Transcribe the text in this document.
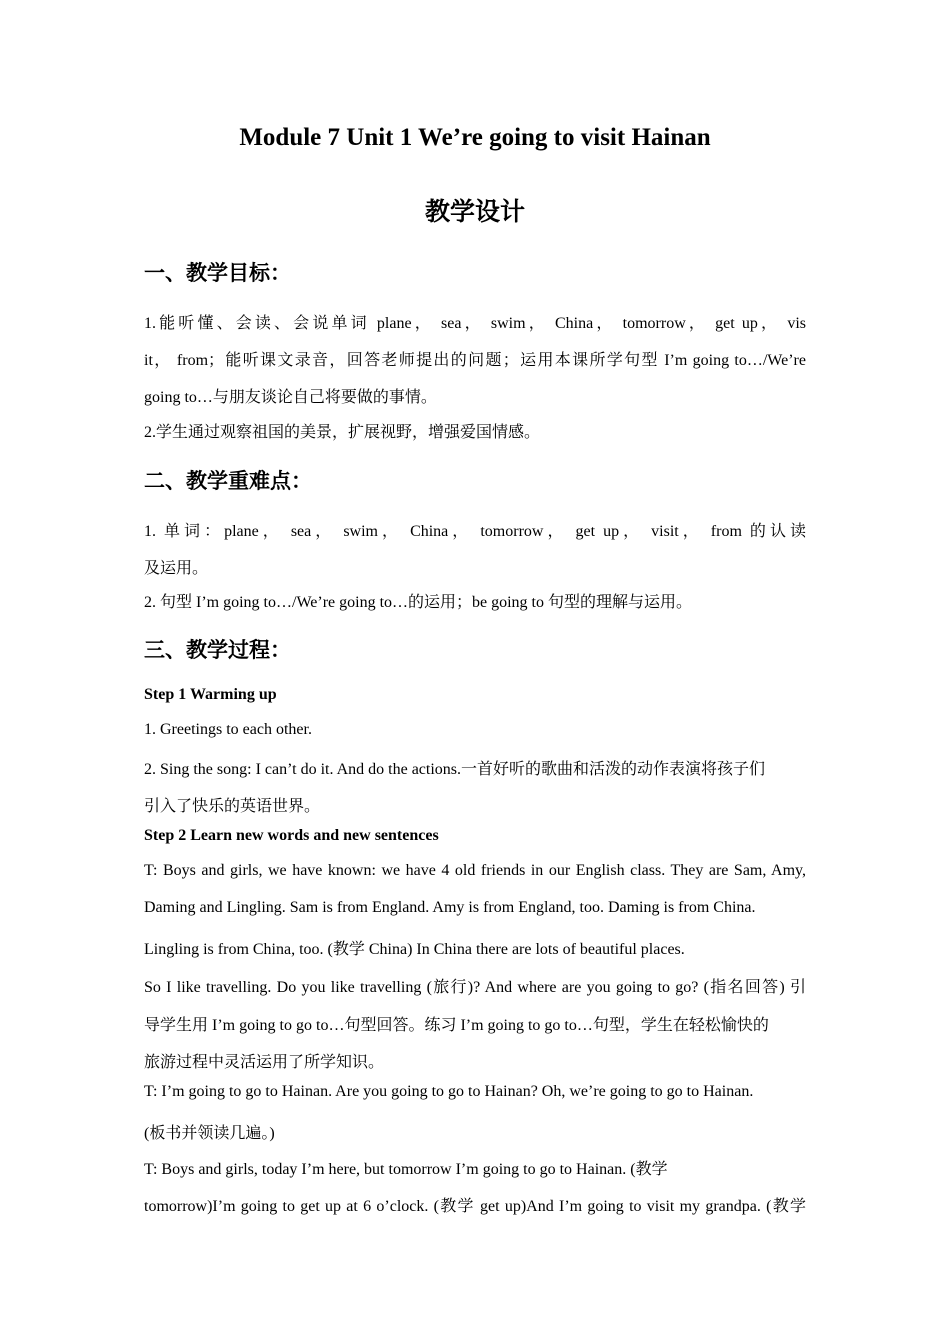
Module 7 Unit 1 We’re going to visit Hainan
教学设计
一、教学目标：
1.能听懂、会读、会说单词 plane， sea， swim， China， tomorrow， get up， vis
it， from；能听课文录音，回答老师提出的问题；运用本课所学句型 I’m going to…/We’re
going to…与朋友谈论自己将要做的事情。
2.学生通过观察祖国的美景，扩展视野，增强爱国情感。
二、教学重难点：
1. 单词：plane， sea， swim， China， tomorrow， get up， visit， from 的认读
及运用。
2. 句型 I’m going to…/We’re going to…的运用；be going to 句型的理解与运用。
三、教学过程：
Step 1 Warming up
1. Greetings to each other.
2. Sing the song: I can’t do it. And do the actions.一首好听的歌曲和活泼的动作表演将孩子们
引入了快乐的英语世界。
Step 2 Learn new words and new sentences
T: Boys and girls, we have known: we have 4 old friends in our English class. They are Sam, Amy,
Daming and Lingling. Sam is from England. Amy is from England, too. Daming is from China.
Lingling is from China, too. (教学 China) In China there are lots of beautiful places.
So I like travelling. Do you like travelling (旅行)? And where are you going to go? (指名回答) 引
导学生用 I’m going to go to…句型回答。练习 I’m going to go to…句型，学生在轻松愉快的
旅游过程中灵活运用了所学知识。
T: I’m going to go to Hainan. Are you going to go to Hainan? Oh, we’re going to go to Hainan.
(板书并领读几遍。)
T: Boys and girls, today I’m here, but tomorrow I’m going to go to Hainan. (教学
tomorrow)I’m going to get up at 6 o’clock. (教学 get up)And I’m going to visit my grandpa. (教学
